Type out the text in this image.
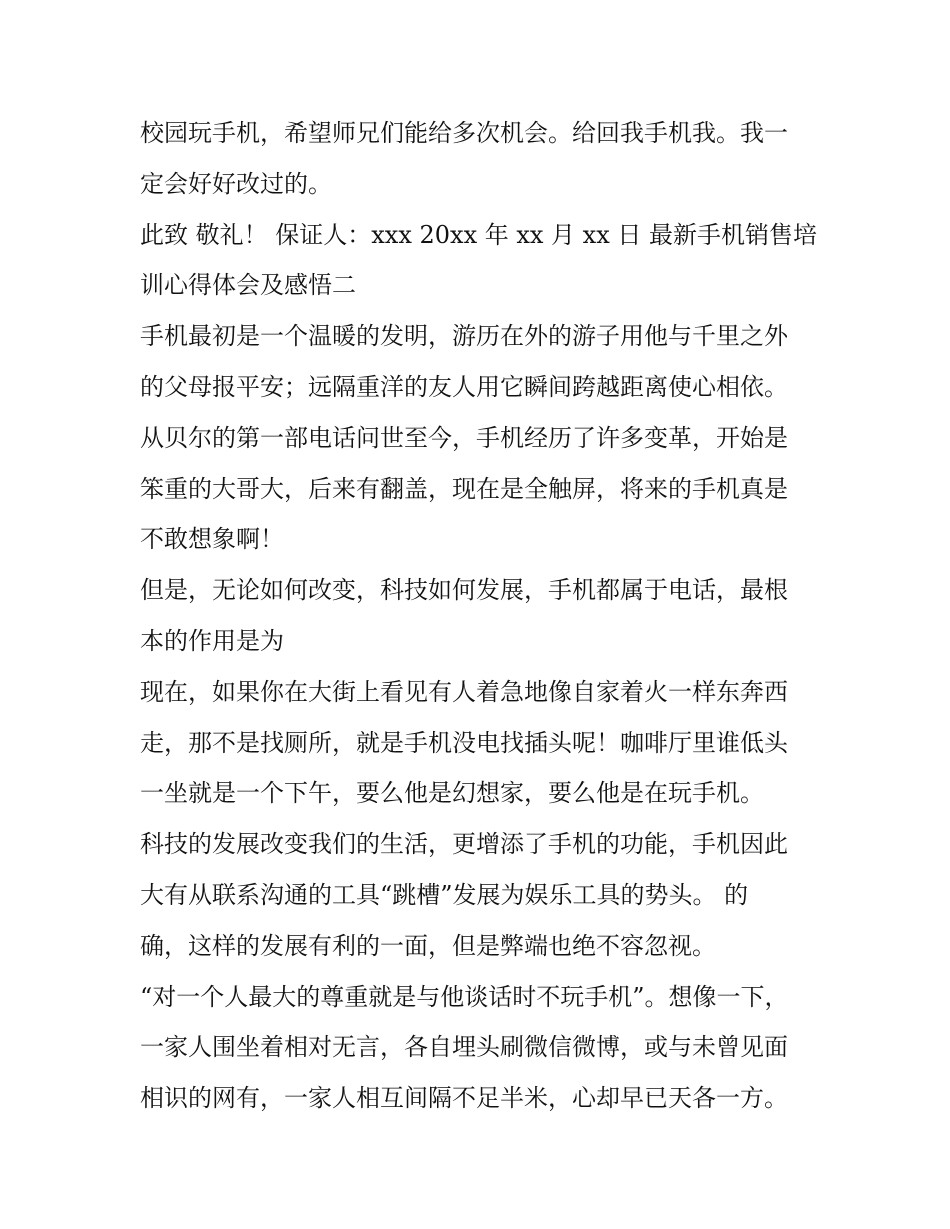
校园玩手机，希望师兄们能给多次机会。给回我手机我。我一
定会好好改过的。
此致 敬礼！ 保证人：xxx 20xx 年 xx 月 xx 日 最新手机销售培
训心得体会及感悟二
手机最初是一个温暖的发明，游历在外的游子用他与千里之外
的父母报平安；远隔重洋的友人用它瞬间跨越距离使心相依。
从贝尔的第一部电话问世至今，手机经历了许多变革，开始是
笨重的大哥大，后来有翻盖，现在是全触屏，将来的手机真是
不敢想象啊！
但是，无论如何改变，科技如何发展，手机都属于电话，最根
本的作用是为
现在，如果你在大街上看见有人着急地像自家着火一样东奔西
走，那不是找厕所，就是手机没电找插头呢！咖啡厅里谁低头
一坐就是一个下午，要么他是幻想家，要么他是在玩手机。
科技的发展改变我们的生活，更增添了手机的功能，手机因此
大有从联系沟通的工具“跳槽”发展为娱乐工具的势头。 的
确，这样的发展有利的一面，但是弊端也绝不容忽视。
“对一个人最大的尊重就是与他谈话时不玩手机”。想像一下，
一家人围坐着相对无言，各自埋头刷微信微博，或与未曾见面
相识的网有，一家人相互间隔不足半米，心却早已天各一方。
